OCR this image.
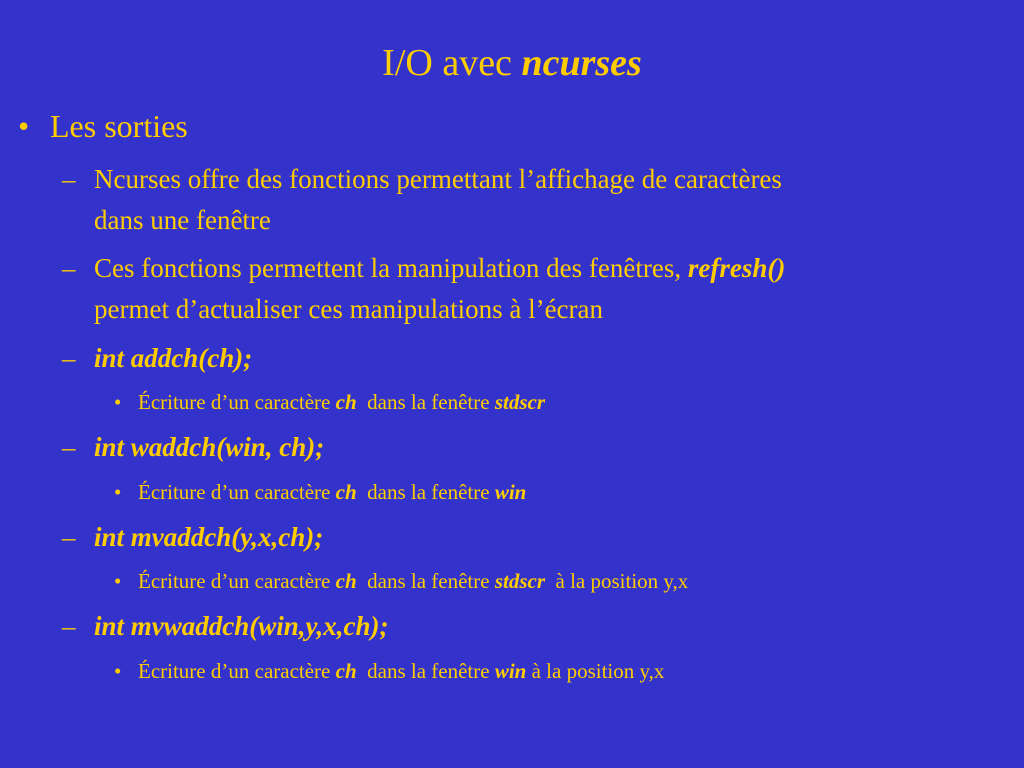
I/O avec ncurses
• Les sorties
– Ncurses offre des fonctions permettant l’affichage de caractères
dans une fenêtre
– Ces fonctions permettent la manipulation des fenêtres, refresh()
permet d’actualiser ces manipulations à l’écran
– int addch(ch);
• Écriture d’un caractère ch  dans la fenêtre stdscr
– int waddch(win, ch);
• Écriture d’un caractère ch  dans la fenêtre win
– int mvaddch(y,x,ch);
• Écriture d’un caractère ch  dans la fenêtre stdscr  à la position y,x
– int mvwaddch(win,y,x,ch);
• Écriture d’un caractère ch  dans la fenêtre win à la position y,x
